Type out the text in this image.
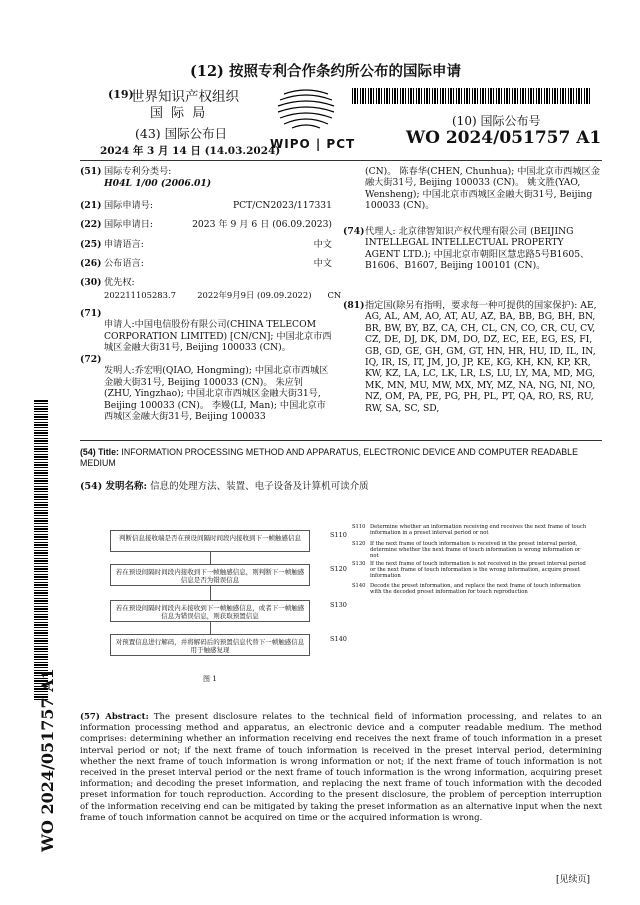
(12) 按照专利合作条约所公布的国际申请
(19)
世界知识产权组织
国 际 局
(43) 国际公布日
2024 年 3 月 14 日 (14.03.2024)
WIPO | PCT
(10) 国际公布号
WO 2024/051757 A1
(51) 国际专利分类号:
H04L 1/00 (2006.01)
(21) 国际申请号:	PCT/CN2023/117331
(22) 国际申请日:	2023 年 9 月 6 日 (06.09.2023)
(25) 申请语言:	中文
(26) 公布语言:	中文
(30) 优先权:
202211105283.7        2022年9月9日 (09.09.2022)      CN
(71)
申请人:中国电信股份有限公司(CHINA TELECOM CORPORATION LIMITED) [CN/CN]; 中国北京市西城区金融大街31号, Beijing 100033 (CN)。
(72)
发明人:乔宏明(QIAO, Hongming); 中国北京市西城区金融大街31号, Beijing 100033 (CN)。 朱应钊 (ZHU, Yingzhao); 中国北京市西城区金融大街31号, Beijing 100033 (CN)。 李嫚(LI, Man); 中国北京市西城区金融大街31号, Beijing 100033
(CN)。 陈春华(CHEN, Chunhua); 中国北京市西城区金融大街31号, Beijing 100033 (CN)。 姚文胜(YAO, Wensheng); 中国北京市西城区金融大街31号, Beijing 100033 (CN)。
(74) 代理人: 北京律智知识产权代理有限公司 (BEIJING INTELLEGAL INTELLECTUAL PROPERTY AGENT LTD.); 中国北京市朝阳区慧忠路5号B1605、B1606、B1607, Beijing 100101 (CN)。
(81) 指定国(除另有指明，要求每一种可提供的国家保护): AE, AG, AL, AM, AO, AT, AU, AZ, BA, BB, BG, BH, BN, BR, BW, BY, BZ, CA, CH, CL, CN, CO, CR, CU, CV, CZ, DE, DJ, DK, DM, DO, DZ, EC, EE, EG, ES, FI, GB, GD, GE, GH, GM, GT, HN, HR, HU, ID, IL, IN, IQ, IR, IS, IT, JM, JO, JP, KE, KG, KH, KN, KP, KR, KW, KZ, LA, LC, LK, LR, LS, LU, LY, MA, MD, MG, MK, MN, MU, MW, MX, MY, MZ, NA, NG, NI, NO, NZ, OM, PA, PE, PG, PH, PL, PT, QA, RO, RS, RU, RW, SA, SC, SD,
(54) Title: INFORMATION PROCESSING METHOD AND APPARATUS, ELECTRONIC DEVICE AND COMPUTER READABLE MEDIUM
(54) 发明名称: 信息的处理方法、装置、电子设备及计算机可读介质
判断信息接收端是否在预设间隔时间段内接收到下一帧触感信息	S110
若在预设间隔时间段内接收到下一帧触感信息，则判断下一帧触感信息是否为错误信息
S120
若在预设间隔时间段内未接收到下一帧触感信息，或者下一帧触感信息为错误信息，则获取预置信息
S130
对预置信息进行解码，并将解码后的预置信息代替下一帧触感信息用于触感复现
S140
图 1
S110 Determine whether an information receiving end receives the next frame of touch information in a preset interval period or not
S120 If the next frame of touch information is received in the preset interval period, determine whether the next frame of touch information is wrong information or not
S130 If the next frame of touch information is not received in the preset interval period or the next frame of touch information is the wrong information, acquire preset information
S140 Decode the preset information, and replace the next frame of touch information with the decoded preset information for touch reproduction
(57) Abstract: The present disclosure relates to the technical field of information processing, and relates to an information processing method and apparatus, an electronic device and a computer readable medium. The method comprises: determining whether an information receiving end receives the next frame of touch information in a preset interval period or not; if the next frame of touch information is received in the preset interval period, determining whether the next frame of touch information is wrong information or not; if the next frame of touch information is not received in the preset interval period or the next frame of touch information is the wrong information, acquiring preset information; and decoding the preset information, and replacing the next frame of touch information with the decoded preset information for touch reproduction. According to the present disclosure, the problem of perception interruption of the information receiving end can be mitigated by taking the preset information as an alternative input when the next frame of touch information cannot be acquired on time or the acquired information is wrong.
WO 2024/051757 A1
[见续页]
